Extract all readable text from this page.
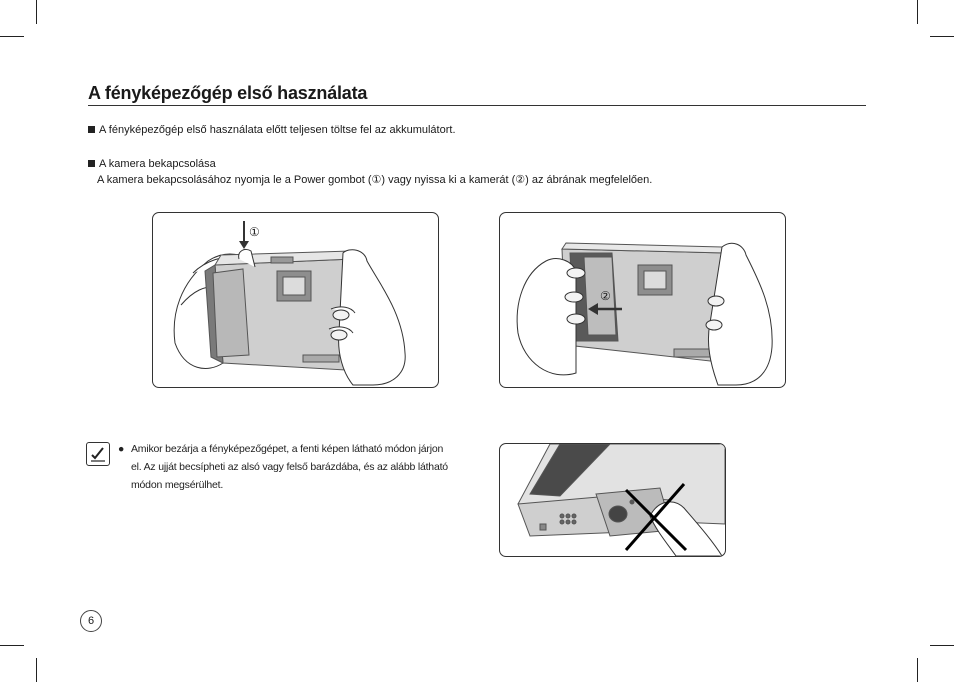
A fényképezőgép első használata
A fényképezőgép első használata előtt teljesen töltse fel az akkumulátort.
A kamera bekapcsolása
A kamera bekapcsolásához nyomja le a Power gombot (①) vagy nyissa ki a kamerát (②) az ábrának megfelelően.
①
②
● Amikor bezárja a fényképezőgépet, a fenti képen látható módon járjon el. Az ujját becsípheti az alsó vagy felső barázdába, és az alább látható módon megsérülhet.
6
